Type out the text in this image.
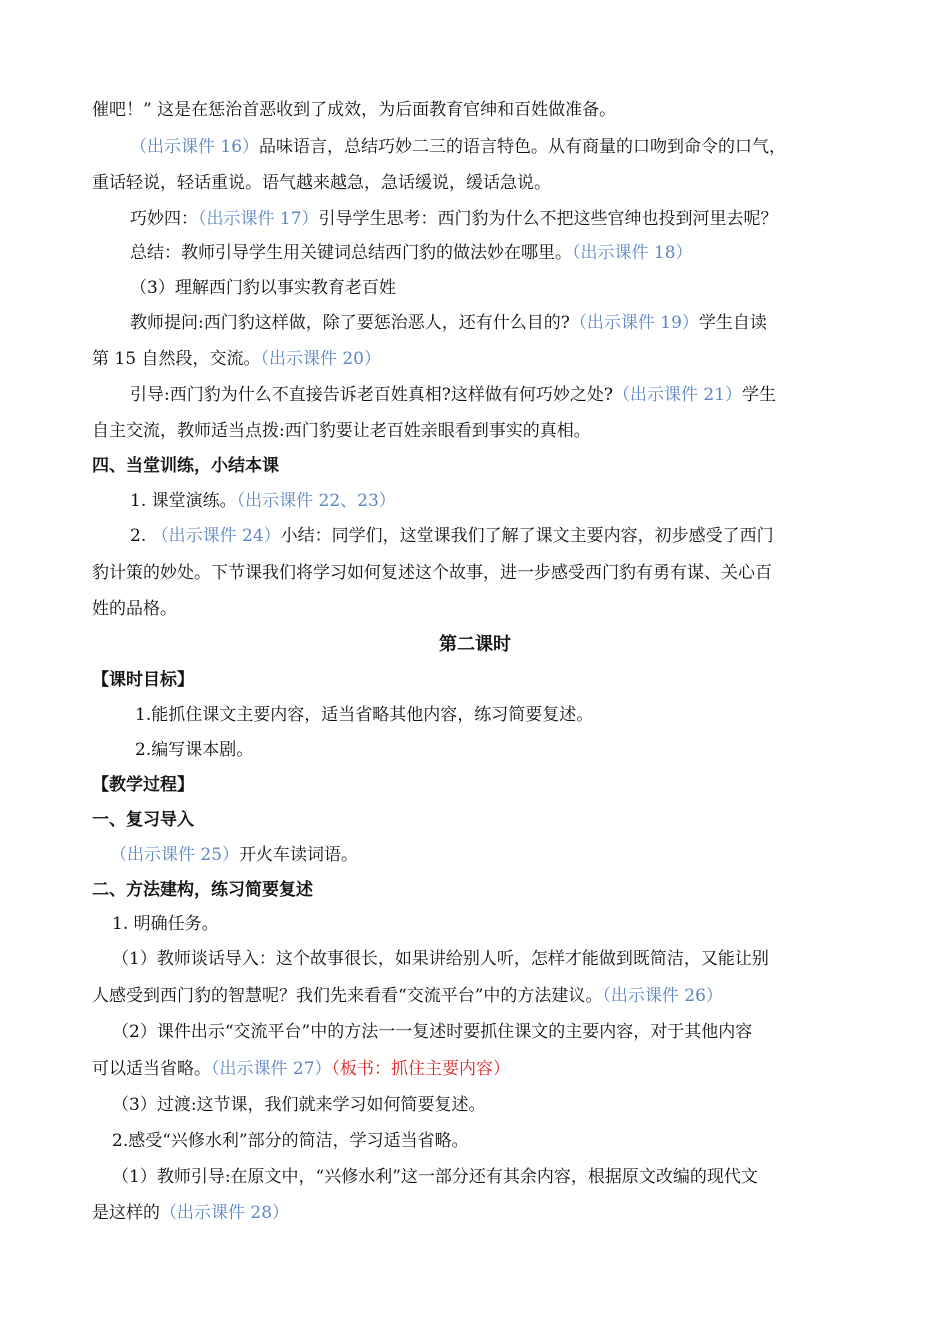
催吧！” 这是在惩治首恶收到了成效，为后面教育官绅和百姓做准备。
（出示课件 16）品味语言，总结巧妙二三的语言特色。从有商量的口吻到命令的口气，
重话轻说，轻话重说。语气越来越急，急话缓说，缓话急说。
巧妙四：（出示课件 17）引导学生思考：西门豹为什么不把这些官绅也投到河里去呢？
总结：教师引导学生用关键词总结西门豹的做法妙在哪里。（出示课件 18）
（3）理解西门豹以事实教育老百姓
教师提问:西门豹这样做，除了要惩治恶人，还有什么目的?（出示课件 19）学生自读
第 15 自然段，交流。（出示课件 20）
引导:西门豹为什么不直接告诉老百姓真相?这样做有何巧妙之处?（出示课件 21）学生
自主交流，教师适当点拨:西门豹要让老百姓亲眼看到事实的真相。
四、当堂训练，小结本课
1. 课堂演练。（出示课件 22、23）
2. （出示课件 24）小结：同学们，这堂课我们了解了课文主要内容，初步感受了西门
豹计策的妙处。下节课我们将学习如何复述这个故事，进一步感受西门豹有勇有谋、关心百
姓的品格。
第二课时
【课时目标】
1.能抓住课文主要内容，适当省略其他内容，练习简要复述。
2.编写课本剧。
【教学过程】
一、复习导入
（出示课件 25）开火车读词语。
二、方法建构，练习简要复述
1. 明确任务。
（1）教师谈话导入：这个故事很长，如果讲给别人听，怎样才能做到既简洁，又能让别
人感受到西门豹的智慧呢？我们先来看看“交流平台”中的方法建议。（出示课件 26）
（2）课件出示“交流平台”中的方法一一复述时要抓住课文的主要内容，对于其他内容
可以适当省略。（出示课件 27）（板书：抓住主要内容）
（3）过渡:这节课，我们就来学习如何简要复述。
2.感受“兴修水利”部分的简洁，学习适当省略。
（1）教师引导:在原文中，“兴修水利”这一部分还有其余内容，根据原文改编的现代文
是这样的（出示课件 28）
